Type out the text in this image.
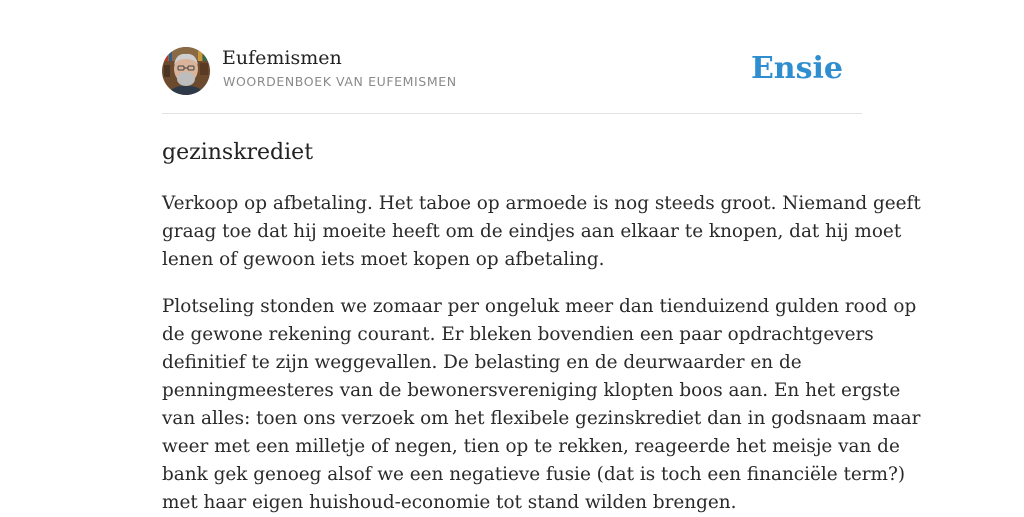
Eufemismen
WOORDENBOEK VAN EUFEMISMEN	Ensie
gezinskrediet

Verkoop op afbetaling. Het taboe op armoede is nog steeds groot. Niemand geeft
graag toe dat hij moeite heeft om de eindjes aan elkaar te knopen, dat hij moet
lenen of gewoon iets moet kopen op afbetaling.

Plotseling stonden we zomaar per ongeluk meer dan tienduizend gulden rood op
de gewone rekening courant. Er bleken bovendien een paar opdrachtgevers
definitief te zijn weggevallen. De belasting en de deurwaarder en de
penningmeesteres van de bewonersvereniging klopten boos aan. En het ergste
van alles: toen ons verzoek om het flexibele gezinskrediet dan in godsnaam maar
weer met een milletje of negen, tien op te rekken, reageerde het meisje van de
bank gek genoeg alsof we een negatieve fusie (dat is toch een financiële term?)
met haar eigen huishoud-economie tot stand wilden brengen.
